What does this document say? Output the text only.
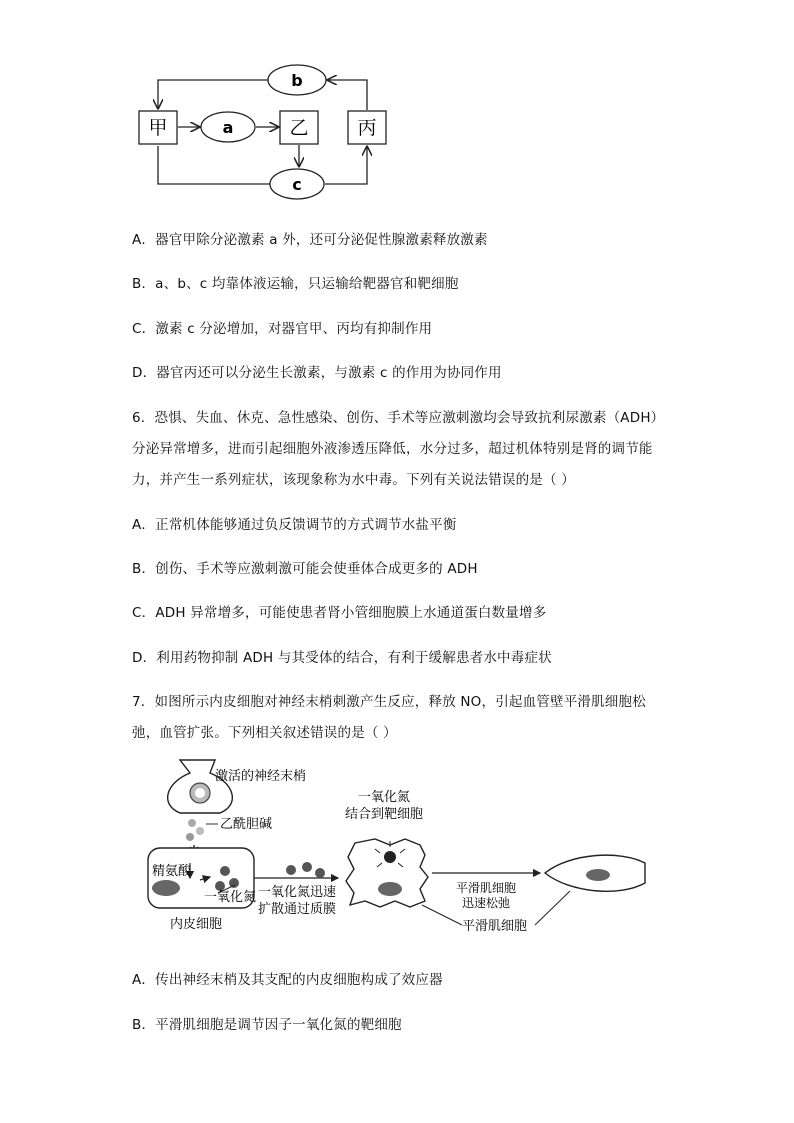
甲	乙	丙
a
b
c
A．器官甲除分泌激素 a 外，还可分泌促性腺激素释放激素
B．a、b、c 均靠体液运输，只运输给靶器官和靶细胞
C．激素 c 分泌增加，对器官甲、丙均有抑制作用
D．器官丙还可以分泌生长激素，与激素 c 的作用为协同作用
6．恐惧、失血、休克、急性感染、创伤、手术等应激刺激均会导致抗利尿激素（ADH）
分泌异常增多，进而引起细胞外液渗透压降低，水分过多，超过机体特别是肾的调节能
力，并产生一系列症状，该现象称为水中毒。下列有关说法错误的是（ ）
A．正常机体能够通过负反馈调节的方式调节水盐平衡
B．创伤、手术等应激刺激可能会使垂体合成更多的 ADH
C．ADH 异常增多，可能使患者肾小管细胞膜上水通道蛋白数量增多
D．利用药物抑制 ADH 与其受体的结合，有利于缓解患者水中毒症状
7．如图所示内皮细胞对神经末梢刺激产生反应，释放 NO，引起血管壁平滑肌细胞松
弛，血管扩张。下列相关叙述错误的是（ ）
激活的神经末梢
乙酰胆碱
一氧化氮
结合到靶细胞
精氨酸
一氧化氮
内皮细胞
一氧化氮迅速
扩散通过质膜
平滑肌细胞
迅速松弛
平滑肌细胞
A．传出神经末梢及其支配的内皮细胞构成了效应器
B．平滑肌细胞是调节因子一氧化氮的靶细胞
